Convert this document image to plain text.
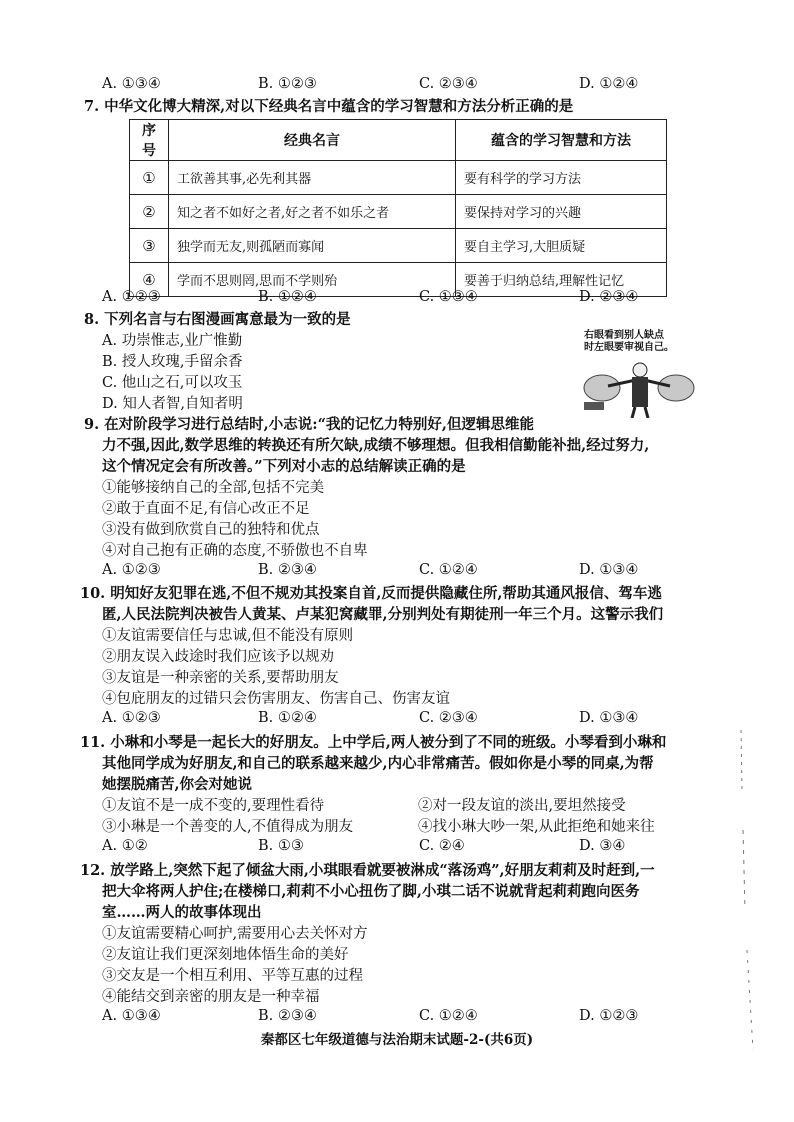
A. ①③④	B. ①②③	C. ②③④	D. ①②④
7. 中华文化博大精深,对以下经典名言中蕴含的学习智慧和方法分析正确的是
序号	经典名言	蕴含的学习智慧和方法
①	工欲善其事,必先利其器	要有科学的学习方法
②	知之者不如好之者,好之者不如乐之者	要保持对学习的兴趣
③	独学而无友,则孤陋而寡闻	要自主学习,大胆质疑
④	学而不思则罔,思而不学则殆	要善于归纳总结,理解性记忆
A. ①②③	B. ①②④	C. ①③④	D. ②③④
8. 下列名言与右图漫画寓意最为一致的是
A. 功崇惟志,业广惟勤
B. 授人玫瑰,手留余香
C. 他山之石,可以攻玉
D. 知人者智,自知者明
右眼看到别人缺点
时左眼要审视自己。
9. 在对阶段学习进行总结时,小志说:“我的记忆力特别好,但逻辑思维能
力不强,因此,数学思维的转换还有所欠缺,成绩不够理想。但我相信勤能补拙,经过努力,
这个情况定会有所改善。”下列对小志的总结解读正确的是
①能够接纳自己的全部,包括不完美
②敢于直面不足,有信心改正不足
③没有做到欣赏自己的独特和优点
④对自己抱有正确的态度,不骄傲也不自卑
A. ①②③	B. ②③④	C. ①②④	D. ①③④
10. 明知好友犯罪在逃,不但不规劝其投案自首,反而提供隐藏住所,帮助其通风报信、驾车逃
匿,人民法院判决被告人黄某、卢某犯窝藏罪,分别判处有期徒刑一年三个月。这警示我们
①友谊需要信任与忠诚,但不能没有原则
②朋友误入歧途时我们应该予以规劝
③友谊是一种亲密的关系,要帮助朋友
④包庇朋友的过错只会伤害朋友、伤害自己、伤害友谊
A. ①②③	B. ①②④	C. ②③④	D. ①③④
11. 小琳和小琴是一起长大的好朋友。上中学后,两人被分到了不同的班级。小琴看到小琳和
其他同学成为好朋友,和自己的联系越来越少,内心非常痛苦。假如你是小琴的同桌,为帮
她摆脱痛苦,你会对她说
①友谊不是一成不变的,要理性看待	②对一段友谊的淡出,要坦然接受
③小琳是一个善变的人,不值得成为朋友	④找小琳大吵一架,从此拒绝和她来往
A. ①②	B. ①③	C. ②④	D. ③④
12. 放学路上,突然下起了倾盆大雨,小琪眼看就要被淋成“落汤鸡”,好朋友莉莉及时赶到,一
把大伞将两人护住;在楼梯口,莉莉不小心扭伤了脚,小琪二话不说就背起莉莉跑向医务
室……两人的故事体现出
①友谊需要精心呵护,需要用心去关怀对方
②友谊让我们更深刻地体悟生命的美好
③交友是一个相互利用、平等互惠的过程
④能结交到亲密的朋友是一种幸福
A. ①③④	B. ②③④	C. ①②④	D. ①②③
秦都区七年级道德与法治期末试题-2-(共6页)
